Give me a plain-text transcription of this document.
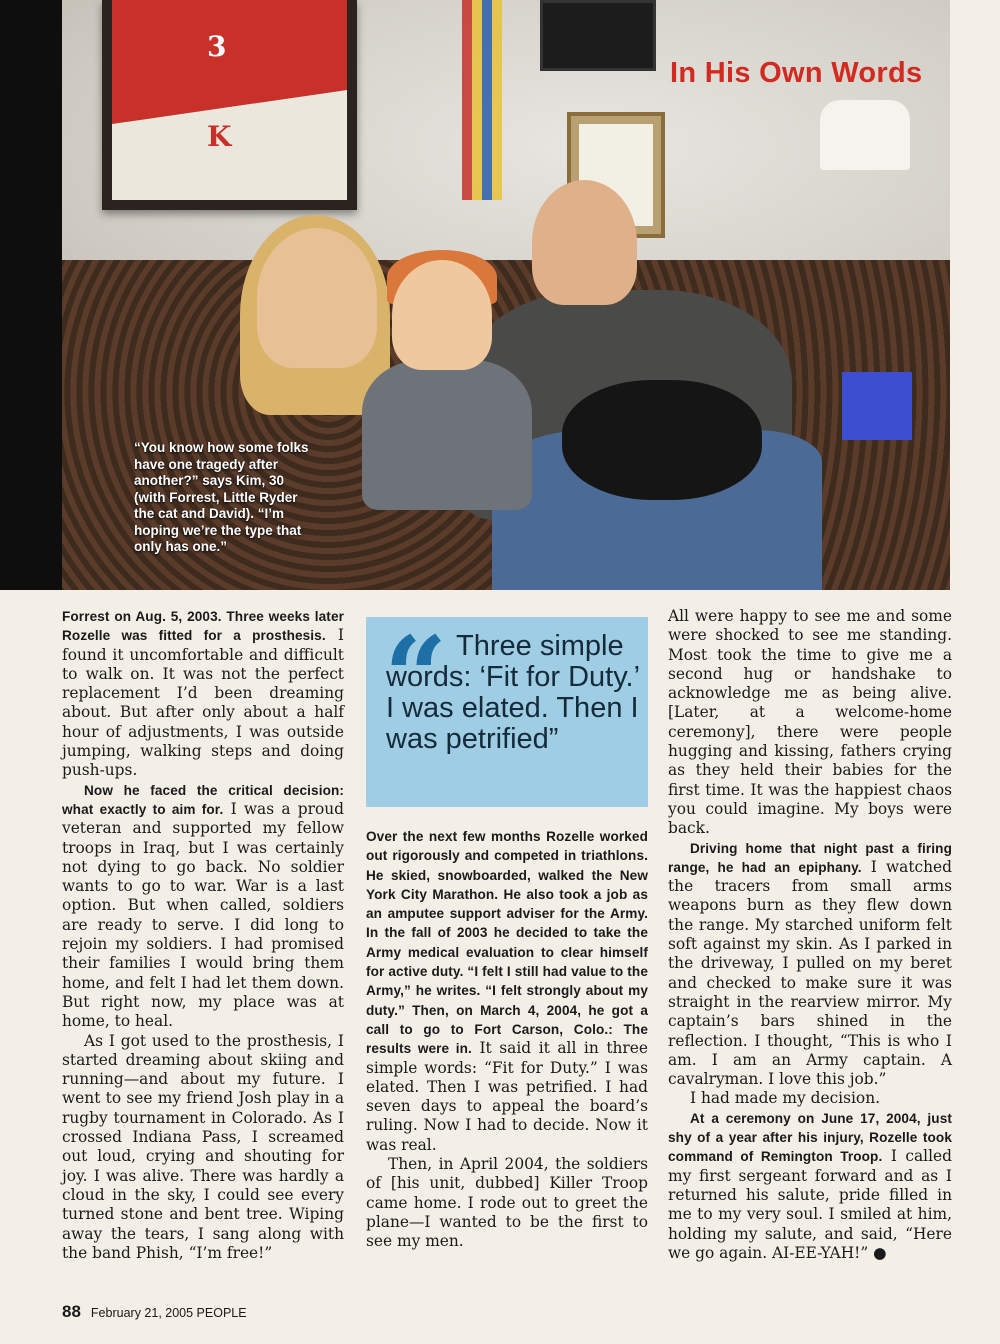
3
3
K
“You know how some folks have one tragedy after another?” says Kim, 30 (with Forrest, Little Ryder the cat and David). “I’m hoping we’re the type that only has one.”
In His Own Words

Forrest on Aug. 5, 2003. Three weeks later Rozelle was fitted for a prosthesis. I found it uncomfortable and difficult to walk on. It was not the perfect replacement I’d been dreaming about. But after only about a half hour of adjustments, I was outside jumping, walking steps and doing push-ups.

Now he faced the critical decision: what exactly to aim for. I was a proud veteran and supported my fellow troops in Iraq, but I was certainly not dying to go back. No soldier wants to go to war. War is a last option. But when called, soldiers are ready to serve. I did long to rejoin my soldiers. I had promised their families I would bring them home, and felt I had let them down. But right now, my place was at home, to heal.

As I got used to the prosthesis, I started dreaming about skiing and running—and about my future. I went to see my friend Josh play in a rugby tournament in Colorado. As I crossed Indiana Pass, I screamed out loud, crying and shouting for joy. I was alive. There was hardly a cloud in the sky, I could see every turned stone and bent tree. Wiping away the tears, I sang along with the band Phish, “I’m free!”

“ Three simple words: ‘Fit for Duty.’ I was elated. Then I was petrified”

Over the next few months Rozelle worked out rigorously and competed in triathlons. He skied, snowboarded, walked the New York City Marathon. He also took a job as an amputee support adviser for the Army. In the fall of 2003 he decided to take the Army medical evaluation to clear himself for active duty. “I felt I still had value to the Army,” he writes. “I felt strongly about my duty.” Then, on March 4, 2004, he got a call to go to Fort Carson, Colo.: The results were in. It said it all in three simple words: “Fit for Duty.” I was elated. Then I was petrified. I had seven days to appeal the board’s ruling. Now I had to decide. Now it was real.

Then, in April 2004, the soldiers of [his unit, dubbed] Killer Troop came home. I rode out to greet the plane—I wanted to be the first to see my men.

All were happy to see me and some were shocked to see me standing. Most took the time to give me a second hug or handshake to acknowledge me as being alive. [Later, at a welcome-home ceremony], there were people hugging and kissing, fathers crying as they held their babies for the first time. It was the happiest chaos you could imagine. My boys were back.

Driving home that night past a firing range, he had an epiphany. I watched the tracers from small arms weapons burn as they flew down the range. My starched uniform felt soft against my skin. As I parked in the driveway, I pulled on my beret and checked to make sure it was straight in the rearview mirror. My captain’s bars shined in the reflection. I thought, “This is who I am. I am an Army captain. A cavalryman. I love this job.”

I had made my decision.

At a ceremony on June 17, 2004, just shy of a year after his injury, Rozelle took command of Remington Troop. I called my first sergeant forward and as I returned his salute, pride filled in me to my very soul. I smiled at him, holding my salute, and said, “Here we go again. AI-EE-YAH!” ●

88 February 21, 2005 PEOPLE
